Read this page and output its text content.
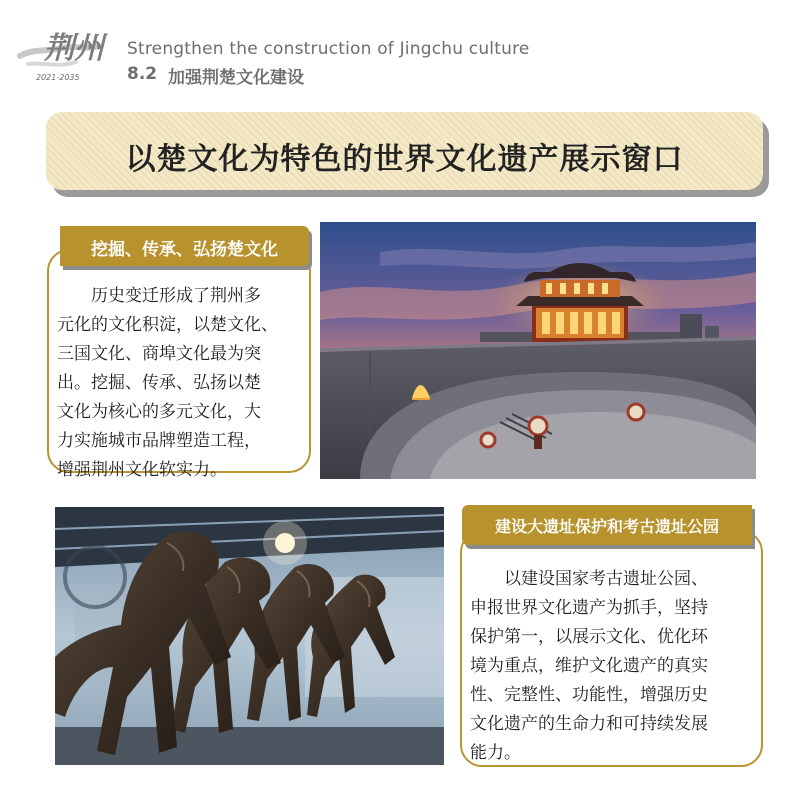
荆州
2021-2035
Strengthen the construction of Jingchu culture
8.2 加强荆楚文化建设
以楚文化为特色的世界文化遗产展示窗口
挖掘、传承、弘扬楚文化
　　历史变迁形成了荆州多
元化的文化积淀，以楚文化、
三国文化、商埠文化最为突
出。挖掘、传承、弘扬以楚
文化为核心的多元文化，大
力实施城市品牌塑造工程，
增强荆州文化软实力。
建设大遗址保护和考古遗址公园
　　以建设国家考古遗址公园、
申报世界文化遗产为抓手，坚持
保护第一，以展示文化、优化环
境为重点，维护文化遗产的真实
性、完整性、功能性，增强历史
文化遗产的生命力和可持续发展
能力。
